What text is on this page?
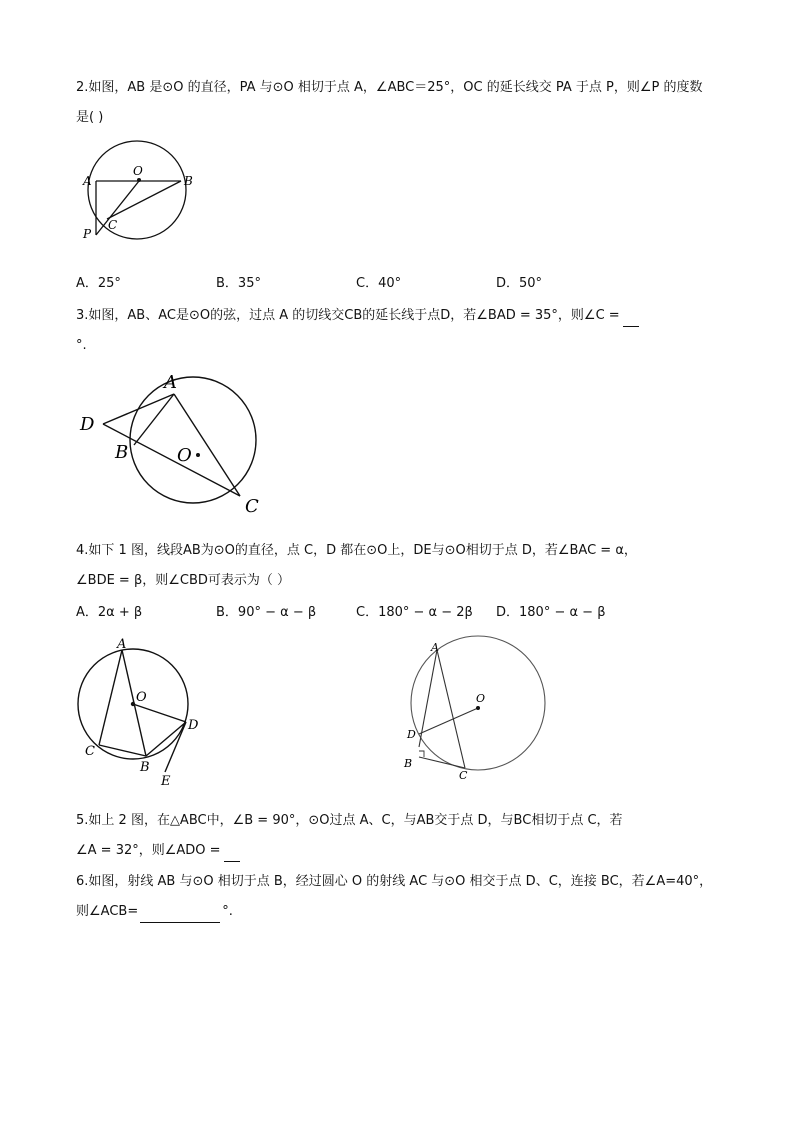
2.如图，AB 是⊙O 的直径，PA 与⊙O 相切于点 A，∠ABC＝25°，OC 的延长线交 PA 于点 P，则∠P 的度数
是( )
A
O
B
C
P
A．25°	B．35°	C．40°	D．50°
3.如图，AB、AC是⊙O的弦，过点 A 的切线交CB的延长线于点D，若∠BAD = 35°，则∠C =
°.
A
D
B	O
C
4.如下 1 图，线段AB为⊙O的直径，点 C，D 都在⊙O上，DE与⊙O相切于点 D，若∠BAC = α，
∠BDE = β，则∠CBD可表示为（ ）
A．2α + β	B．90° − α − β	C．180° − α − 2β D．180° − α − β
A
O
D
C
B
E
A
O
D
B
C
5.如上 2 图，在△ABC中，∠B = 90°，⊙O过点 A、C，与AB交于点 D，与BC相切于点 C，若
∠A = 32°，则∠ADO =
6.如图，射线 AB 与⊙O 相切于点 B，经过圆心 O 的射线 AC 与⊙O 相交于点 D、C，连接 BC，若∠A=40°，
则∠ACB=	°.
